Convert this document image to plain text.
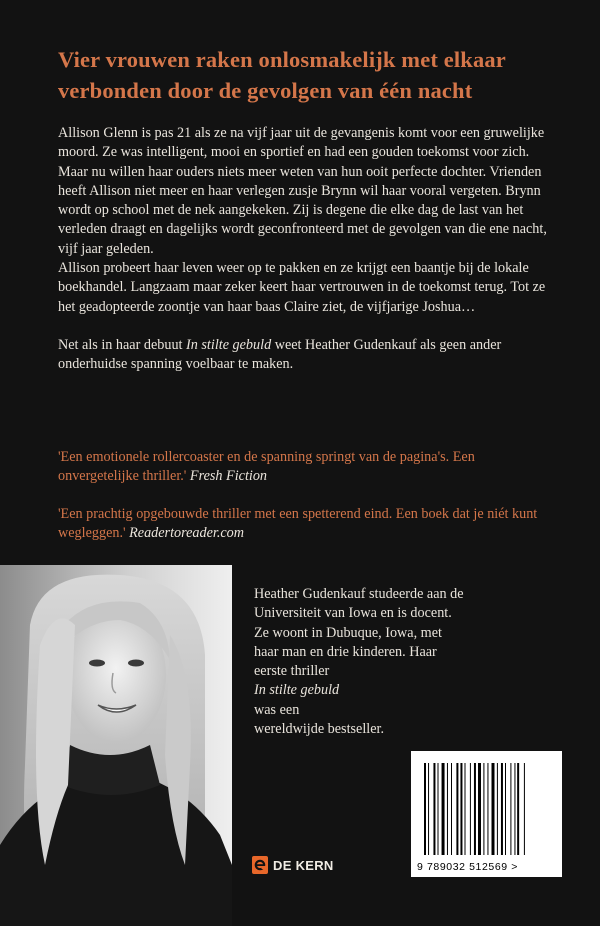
Vier vrouwen raken onlosmakelijk met elkaar
verbonden door de gevolgen van één nacht

Allison Glenn is pas 21 als ze na vijf jaar uit de gevangenis komt voor een gruwelijke moord. Ze was intelligent, mooi en sportief en had een gouden toekomst voor zich. Maar nu willen haar ouders niets meer weten van hun ooit perfecte dochter. Vrienden heeft Allison niet meer en haar verlegen zusje Brynn wil haar vooral vergeten. Brynn wordt op school met de nek aangekeken. Zij is degene die elke dag de last van het verleden draagt en dagelijks wordt geconfronteerd met de gevolgen van die ene nacht, vijf jaar geleden.

Allison probeert haar leven weer op te pakken en ze krijgt een baantje bij de lokale boekhandel. Langzaam maar zeker keert haar vertrouwen in de toekomst terug. Tot ze het geadopteerde zoontje van haar baas Claire ziet, de vijfjarige Joshua…

Net als in haar debuut In stilte gebuld weet Heather Gudenkauf als geen ander onderhuidse spanning voelbaar te maken.

'Een emotionele rollercoaster en de spanning springt van de pagina's. Een onvergetelijke thriller.' Fresh Fiction
'Een prachtig opgebouwde thriller met een spetterend eind. Een boek dat je niét kunt wegleggen.' Readertoreader.com
Heather Gudenkauf studeerde aan de
Universiteit van Iowa en is docent.
Ze woont in Dubuque, Iowa, met
haar man en drie kinderen. Haar
eerste thriller
In stilte gebuld
was een
wereldwijde bestseller.
DE KERN	9 789032 512569 >
